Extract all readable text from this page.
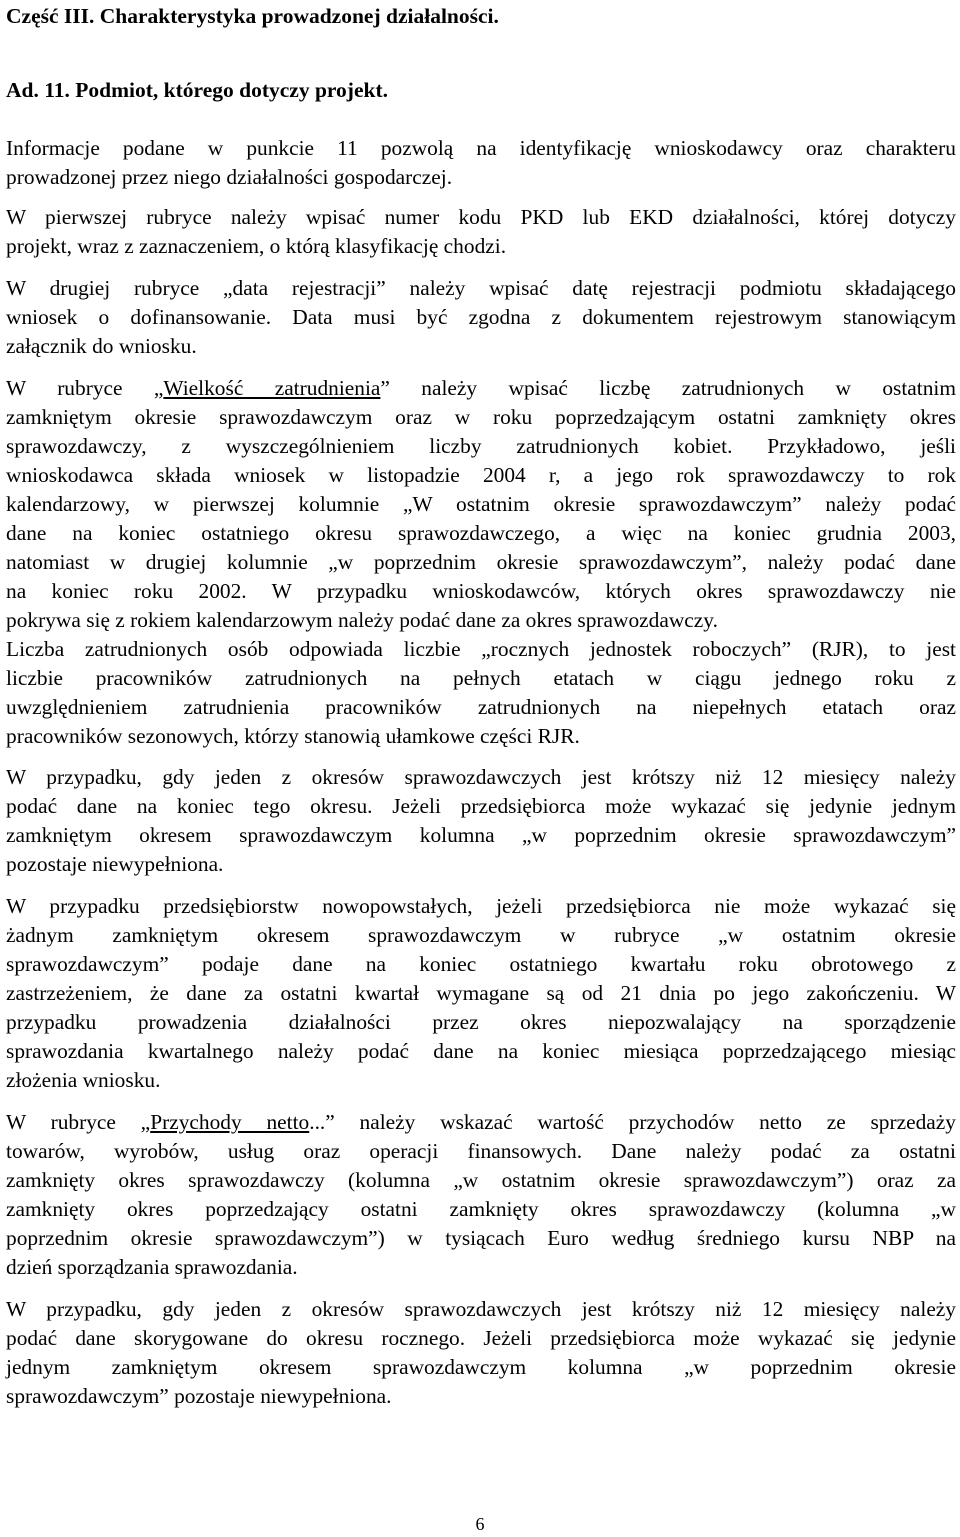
Część III. Charakterystyka prowadzonej działalności.
Ad. 11. Podmiot, którego dotyczy projekt.
Informacje podane w punkcie 11 pozwolą na identyfikację wnioskodawcy oraz charakteru
prowadzonej przez niego działalności gospodarczej.
W pierwszej rubryce należy wpisać numer kodu PKD lub EKD działalności, której dotyczy
projekt, wraz z zaznaczeniem, o którą klasyfikację chodzi.
W drugiej rubryce „data rejestracji” należy wpisać datę rejestracji podmiotu składającego
wniosek o dofinansowanie. Data musi być zgodna z dokumentem rejestrowym stanowiącym
załącznik do wniosku.
W rubryce „Wielkość zatrudnienia” należy wpisać liczbę zatrudnionych w ostatnim
zamkniętym okresie sprawozdawczym oraz w roku poprzedzającym ostatni zamknięty okres
sprawozdawczy, z wyszczególnieniem liczby zatrudnionych kobiet. Przykładowo, jeśli
wnioskodawca składa wniosek w listopadzie 2004 r, a jego rok sprawozdawczy to rok
kalendarzowy, w pierwszej kolumnie „W ostatnim okresie sprawozdawczym” należy podać
dane na koniec ostatniego okresu sprawozdawczego, a więc na koniec grudnia 2003,
natomiast w drugiej kolumnie „w poprzednim okresie sprawozdawczym”, należy podać dane
na koniec roku 2002. W przypadku wnioskodawców, których okres sprawozdawczy nie
pokrywa się z rokiem kalendarzowym należy podać dane za okres sprawozdawczy.
Liczba zatrudnionych osób odpowiada liczbie „rocznych jednostek roboczych” (RJR), to jest
liczbie pracowników zatrudnionych na pełnych etatach w ciągu jednego roku z
uwzględnieniem zatrudnienia pracowników zatrudnionych na niepełnych etatach oraz
pracowników sezonowych, którzy stanowią ułamkowe części RJR.
W przypadku, gdy jeden z okresów sprawozdawczych jest krótszy niż 12 miesięcy należy
podać dane na koniec tego okresu. Jeżeli przedsiębiorca może wykazać się jedynie jednym
zamkniętym okresem sprawozdawczym kolumna „w poprzednim okresie sprawozdawczym”
pozostaje niewypełniona.
W przypadku przedsiębiorstw nowopowstałych, jeżeli przedsiębiorca nie może wykazać się
żadnym zamkniętym okresem sprawozdawczym w rubryce „w ostatnim okresie
sprawozdawczym” podaje dane na koniec ostatniego kwartału roku obrotowego z
zastrzeżeniem, że dane za ostatni kwartał wymagane są od 21 dnia po jego zakończeniu. W
przypadku prowadzenia działalności przez okres niepozwalający na sporządzenie
sprawozdania kwartalnego należy podać dane na koniec miesiąca poprzedzającego miesiąc
złożenia wniosku.
W rubryce „Przychody netto...” należy wskazać wartość przychodów netto ze sprzedaży
towarów, wyrobów, usług oraz operacji finansowych. Dane należy podać za ostatni
zamknięty okres sprawozdawczy (kolumna „w ostatnim okresie sprawozdawczym”) oraz za
zamknięty okres poprzedzający ostatni zamknięty okres sprawozdawczy (kolumna „w
poprzednim okresie sprawozdawczym”) w tysiącach Euro według średniego kursu NBP na
dzień sporządzania sprawozdania.
W przypadku, gdy jeden z okresów sprawozdawczych jest krótszy niż 12 miesięcy należy
podać dane skorygowane do okresu rocznego. Jeżeli przedsiębiorca może wykazać się jedynie
jednym zamkniętym okresem sprawozdawczym kolumna „w poprzednim okresie
sprawozdawczym” pozostaje niewypełniona.
6
